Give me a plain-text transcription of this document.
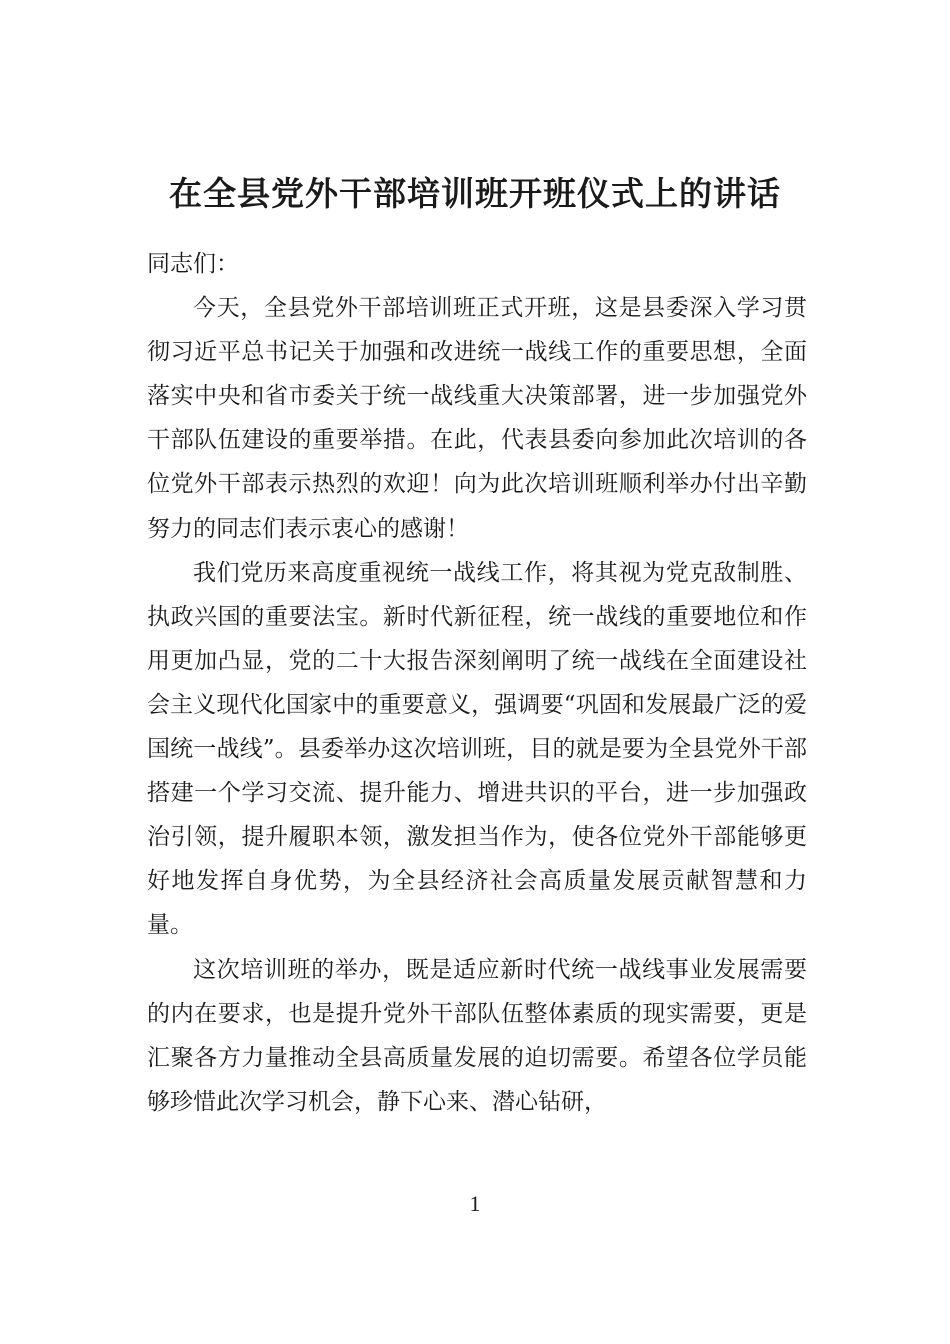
在全县党外干部培训班开班仪式上的讲话

同志们：

今天，全县党外干部培训班正式开班，这是县委深入学习贯彻习近平总书记关于加强和改进统一战线工作的重要思想，全面落实中央和省市委关于统一战线重大决策部署，进一步加强党外干部队伍建设的重要举措。在此，代表县委向参加此次培训的各位党外干部表示热烈的欢迎！向为此次培训班顺利举办付出辛勤努力的同志们表示衷心的感谢！

我们党历来高度重视统一战线工作，将其视为党克敌制胜、执政兴国的重要法宝。新时代新征程，统一战线的重要地位和作用更加凸显，党的二十大报告深刻阐明了统一战线在全面建设社会主义现代化国家中的重要意义，强调要“巩固和发展最广泛的爱国统一战线”。县委举办这次培训班，目的就是要为全县党外干部搭建一个学习交流、提升能力、增进共识的平台，进一步加强政治引领，提升履职本领，激发担当作为，使各位党外干部能够更好地发挥自身优势，为全县经济社会高质量发展贡献智慧和力量。

这次培训班的举办，既是适应新时代统一战线事业发展需要的内在要求，也是提升党外干部队伍整体素质的现实需要，更是汇聚各方力量推动全县高质量发展的迫切需要。希望各位学员能够珍惜此次学习机会，静下心来、潜心钻研，

1
